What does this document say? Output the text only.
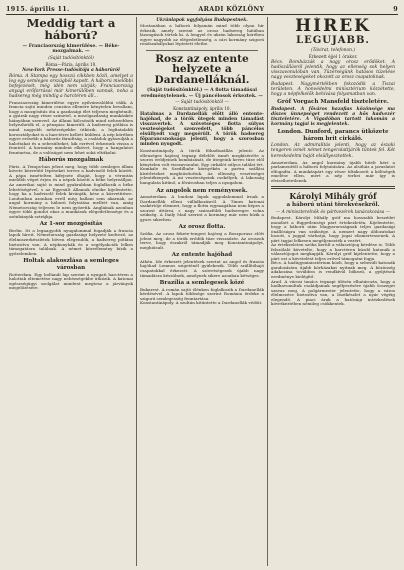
1915. április 11.	ARADI KÖZLÖNY	9
Meddig tart a háború?
— Franciaország kimerülése. — Béke-mozgalmak. —
(Saját tudósítónktól)
Róma—Pária, április 10.
New-York Presse-tudósítója a háborúról

Róma. A Stampa egy hosszú cikkben közli, amelyet a leg egy semleges országból kapott. A háború mielőbbi befejezését, még idén nem várják; Franciaország anyagi erőforrásai már kimerülőben vannak, noha a hadsereg még mindig a harctéren áll...

Franciaország kimerülése egyre nyilvánvalóbbá válik. A francia sajtó minden cenzúra ellenére kénytelen bevallani, hogy a mozgósítás óta a gazdasági élet teljesen megbénult, a gyárak nagy része szünetel, a mezőgazdaság munkáskéz hiányában szenved. Az állami kölcsönök mind nehezebben helyezhetők el, a pénzpiac kimerült. A hadsereg pótlása is mind nagyobb nehézségekbe ütközik, a legfiatalabb korosztályokat is a harctérre kellett küldeni. A nép körében egyre erősebb a háborús fáradtság, a családok gyászolják a halottakat és a sebesülteket, kik ezrével érkeznek vissza a frontról. A kormány mindent elkövet, hogy a hangulatot fenntartsa, de a valóságot nem lehet soká eltitkolni.

Háborús mozgalmak

Páris. A Temps-ban jelent meg, hogy több semleges állam követe közvetítő lépéseket tervez a hadviselő felek között. A pápa ismételten kifejezte óhaját, hogy a vérontás mielőbb véget érjen és a népek között a béke helyreálljon. Az amerikai sajtó is mind gyakrabban foglalkozik a béke lehetőségével, s az Egyesült Államok elnöke kijelentette, hogy ha a hadviselő felek kívánják, kész a közvetítésre. Londonban azonban erről még hallani sem akarnak, az angol kormány a háború folytatása mellett van, amíg Németország teljesen le nem győzetik. Angliának azonban egyre több gondot okoz a munkások elégedetlensége és a szénbányák sztrájkja.

Az 1-sor mozgósítás

Berlin. Itt a legnagyobb nyugalommal fogadják a francia lapok híreit. Németország gazdasági helyzete kedvező, az élelmiszerkészletek bőven elegendők, a hadsereg pótlása biztosítva van. A népkonyhák és a segélyakciók lelkes támogatásra találnak. A német közvélemény bízik a győzelemben.

Holtak alakoszlása a semleges városban

Rotterdam. Egy hollandi lap szerint a nyugati harctéren a halottak eltemetése nagy nehézségekbe ütközik. A katonai egészségügyi szolgálat mindent megtesz a járványok megelőzésére.

Ukránlapok ugyfolyása Budapestnek.

Mostanában a háború folyamán mind több olyan hír érkezik, amely szerint az orosz hadsereg hátában lázongások törtek ki. A lengyel és ukrán lakosság körében egyre nagyobb az elégedetlenség, a cári kormány szigorú rendszabályokat léptetett életbe.

Rosz az entente helyzete a Dardanelláknál.
(Saját tudósítónktól.) — A flotta támadásai eredménytelenek. — Új páncélosok érkeztek. —
— Saját tudósítónktól —
Konstantinápoly, április 10.

Hatalmas a Dardanellák előtt álló entente-hajóhad, de a török ütegek minden támadást visszavertek. A szövetséges flotta súlyos veszteségeket szenvedett, több páncélos elsüllyedt vagy megsérült. A török hadsereg főparancsnoksága jelenti, hogy a szorosban minden nyugodt.

Konstantinápoly. A török főhadiszállás jelenti: Az ellenséges hajóraj tegnap délelőtt ismét megkísérelte a szoros erődjeinek bombázását, de ütegeink heves tüze elől kénytelen volt visszavonulni. Egy cirkálót súlyos találat ért. Kumkale és Szedilbahr környékén a partra szállási kísérleteket meghiúsítottuk. Az ellenség veszteségei jelentékenyek. A mi veszteségeink csekélyek. A lakosság hangulata kitűnő, a fővárosban teljes a nyugalom.

Az angolok nem reményesek.

Amszterdam. A londoni lapok aggodalommal írnak a Dardanellák elleni vállalkozásról. A Times katonai szakértője elismeri, hogy a flotta egymagában nem képes a szorost áttörni, s nagy szárazföldi hadseregre volna szükség. A Daily Mail szerint a kormány már nem bízik a gyors sikerben.

Az orosz flotta.

Szófia. Az orosz fekete-tengeri hajóraj a Boszporusz előtt jelent meg, de a török erődök tüze visszaűzte. Az oroszok terve, hogy északról támadják meg Konstantinápolyt, meghiúsult.

Az entente hajóhad

Athén. Ide érkezett jelentések szerint az angol és francia hajóhad Lemnos szigeténél gyülekezik. Több szállítóhajó csapatokkal érkezett. A szövetségesek újabb nagy támadásra készülnek, amelynek sikere azonban kétséges.

Brazília a semlegesek közé

Bukarest. A román sajtó élénken foglalkozik a Dardanellák kérdésével. A lapok többsége szerint Románia érdeke a szigorú semlegesség fenntartása.

Konstantinápoly. A szultán kitüntette a Dardanellák védőit.

HÍREK
LEGUJABB.
(Távirat, telefonon.)
Érkezett éjjel 1 órakor.

Bécs. Bombázzák a nagy orosz erődöket. A hadiszállásról jelentik, hogy az ellenség sok helyen visszavonulóban van. Tüzérségünk hatásos tüzelése nagy veszteségeket okozott az orosz csapatoknak.

Budapest. Nagymértékben fokozódik a Tiszai területen. A honvédelmi minisztérium közzétette, hogy a népfelkelők behívása folyamatban van.

Gróf Vorgach Mansfeld tiszteletére.

Budapest. A főváros hazafias közönsége ma díszes ünnepséget rendezett a hős hadvezér tiszteletére. A Vigadóban tartott lakomán a kormány tagjai is megjelentek.

London. Dunford, parancs ütközete három brit cirkáló.

London. Az admiralitás jelenti, hogy az északi tengeren ismét német tengeralattjárók tűntek fel. Két kereskedelmi hajót elsüllyesztettek.

Amszterdam. Az angol kormány újabb hitelt kért a parlamenttől a háború folytatására. Az alsóház a javaslatot elfogadta. A munkáspárt egy része tiltakozott a költségek emelése ellen, mert a nép terhei már így is elviselhetetlenek.

Károlyi Mihály gróf
a háború utáni törekvésekről.
— A miniszterelnök és pártvezérek tanácskozása —

Budapest. Károlyi Mihály gróf ma hosszabb beszédet mondott a függetlenségi párt értekezletén. Kijelentette, hogy a háború után Magyarországnak teljes gazdasági önállóságra van szüksége. A nemzet nagy áldozatokat hozott, s joggal várhatja, hogy jogai elismertessenek. A párt tagjai lelkesen megéljenezték a vezért.

Az értekezleten szóba került a választójog kérdése is. Több felszólaló követelte, hogy a harctéren küzdő katonák a választójogot megkapják. Károlyi gróf kijelentette, hogy a párt ezt a követelést teljes erővel támogatni fogja.

Bécs. A hadügyminisztérium közli, hogy a sebesült katonák gondozására újabb kórházakat nyitnak meg. A közönség adakozása továbbra is rendkívül bőkezű, a gyűjtések eredménye kielégítő.

Arad. A városi tanács tegnapi ülésén elhatározta, hogy a hadbavonultak családjainak segélyezésére újabb összeget szavaz meg. A polgármester jelentette, hogy a város élelmezése biztosítva van, a lisztkészlet a nyár végéig elegendő. A piaci árak a hatósági intézkedések következtében némileg csökkentek.
